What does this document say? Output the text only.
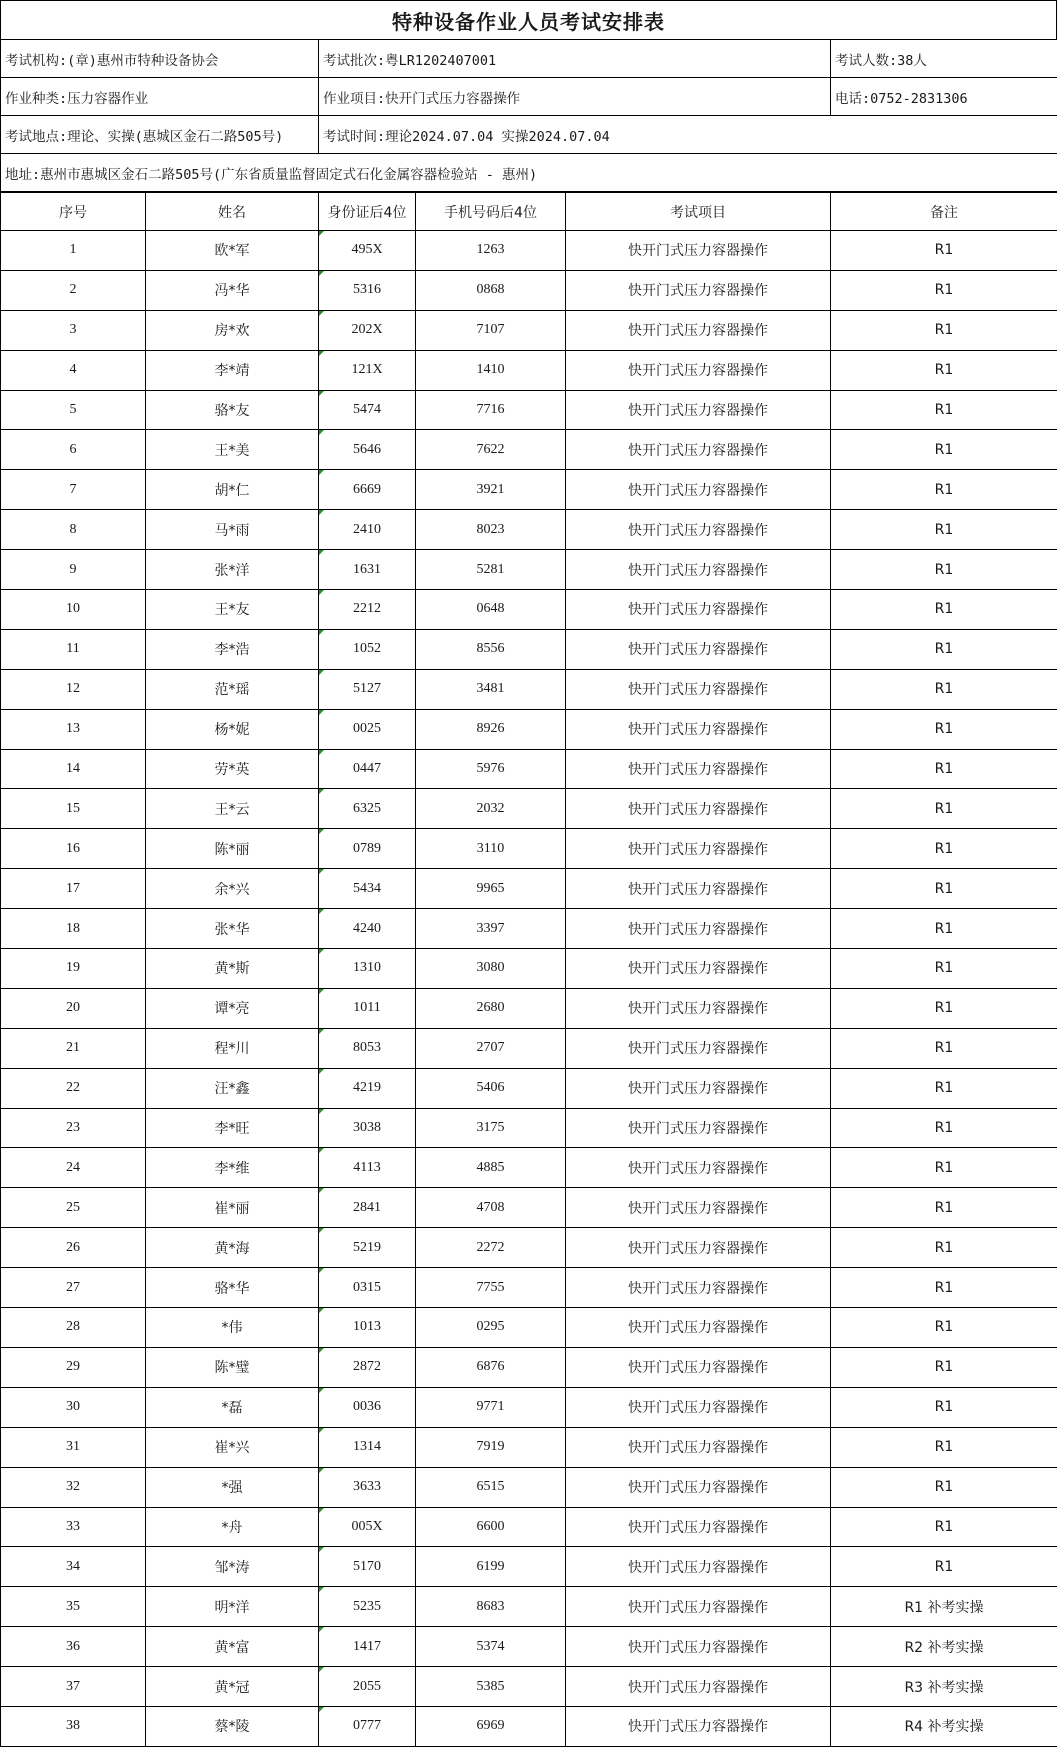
特种设备作业人员考试安排表
考试机构:(章)惠州市特种设备协会	考试批次:粤LR1202407001	考试人数:38人
作业种类:压力容器作业	作业项目:快开门式压力容器操作	电话:0752-2831306
考试地点:理论、实操(惠城区金石二路505号)	考试时间:理论2024.07.04 实操2024.07.04	
地址:惠州市惠城区金石二路505号(广东省质量监督固定式石化金属容器检验站 - 惠州)		
序号	姓名	身份证后4位	手机号码后4位	考试项目	备注
1	欧*军	495X	1263	快开门式压力容器操作	R1
2	冯*华	5316	0868	快开门式压力容器操作	R1
3	房*欢	202X	7107	快开门式压力容器操作	R1
4	李*靖	121X	1410	快开门式压力容器操作	R1
5	骆*友	5474	7716	快开门式压力容器操作	R1
6	王*美	5646	7622	快开门式压力容器操作	R1
7	胡*仁	6669	3921	快开门式压力容器操作	R1
8	马*雨	2410	8023	快开门式压力容器操作	R1
9	张*洋	1631	5281	快开门式压力容器操作	R1
10	王*友	2212	0648	快开门式压力容器操作	R1
11	李*浩	1052	8556	快开门式压力容器操作	R1
12	范*瑶	5127	3481	快开门式压力容器操作	R1
13	杨*妮	0025	8926	快开门式压力容器操作	R1
14	劳*英	0447	5976	快开门式压力容器操作	R1
15	王*云	6325	2032	快开门式压力容器操作	R1
16	陈*丽	0789	3110	快开门式压力容器操作	R1
17	余*兴	5434	9965	快开门式压力容器操作	R1
18	张*华	4240	3397	快开门式压力容器操作	R1
19	黄*斯	1310	3080	快开门式压力容器操作	R1
20	谭*亮	1011	2680	快开门式压力容器操作	R1
21	程*川	8053	2707	快开门式压力容器操作	R1
22	汪*鑫	4219	5406	快开门式压力容器操作	R1
23	李*旺	3038	3175	快开门式压力容器操作	R1
24	李*维	4113	4885	快开门式压力容器操作	R1
25	崔*丽	2841	4708	快开门式压力容器操作	R1
26	黄*海	5219	2272	快开门式压力容器操作	R1
27	骆*华	0315	7755	快开门式压力容器操作	R1
28	*伟	1013	0295	快开门式压力容器操作	R1
29	陈*璧	2872	6876	快开门式压力容器操作	R1
30	*磊	0036	9771	快开门式压力容器操作	R1
31	崔*兴	1314	7919	快开门式压力容器操作	R1
32	*强	3633	6515	快开门式压力容器操作	R1
33	*舟	005X	6600	快开门式压力容器操作	R1
34	邹*涛	5170	6199	快开门式压力容器操作	R1
35	明*洋	5235	8683	快开门式压力容器操作	R1 补考实操
36	黄*富	1417	5374	快开门式压力容器操作	R2 补考实操
37	黄*冠	2055	5385	快开门式压力容器操作	R3 补考实操
38	蔡*陵	0777	6969	快开门式压力容器操作	R4 补考实操
